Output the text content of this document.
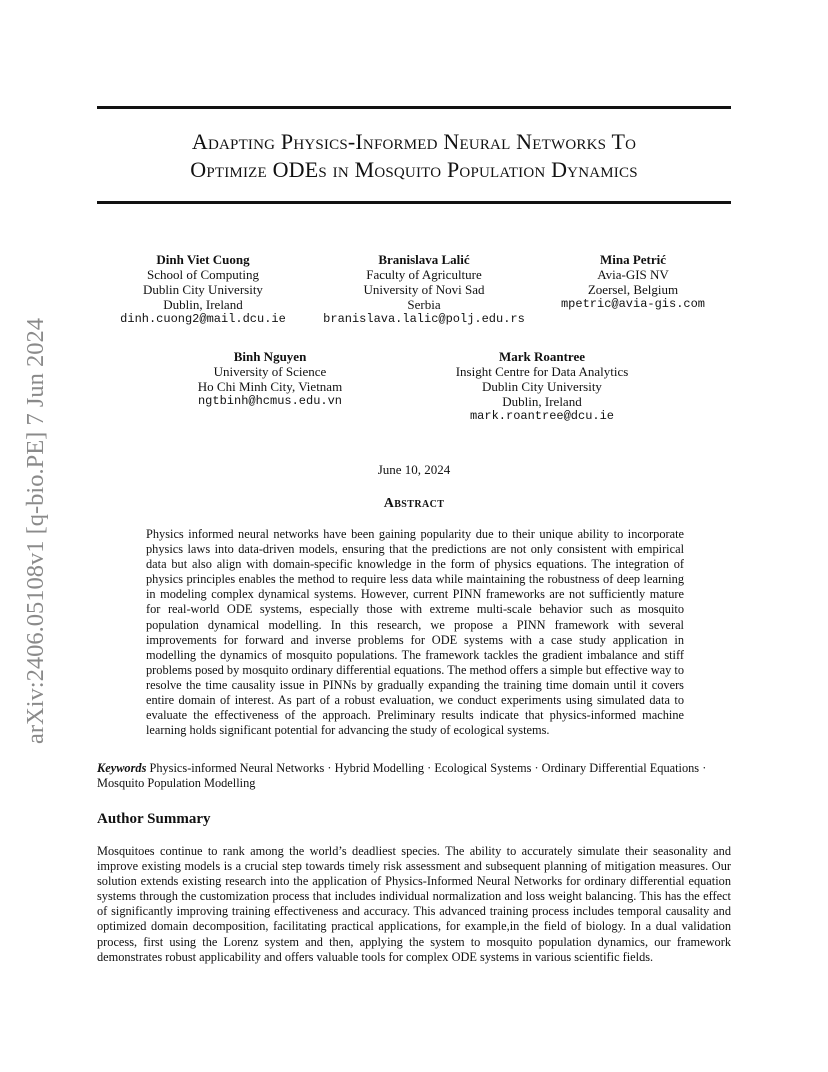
arXiv:2406.05108v1 [q-bio.PE] 7 Jun 2024
Adapting Physics-Informed Neural Networks To
Optimize ODEs in Mosquito Population Dynamics
Dinh Viet Cuong
School of Computing
Dublin City University
Dublin, Ireland
dinh.cuong2@mail.dcu.ie
Branislava Lalić
Faculty of Agriculture
University of Novi Sad
Serbia
branislava.lalic@polj.edu.rs
Mina Petrić
Avia-GIS NV
Zoersel, Belgium
mpetric@avia-gis.com
Binh Nguyen
University of Science
Ho Chi Minh City, Vietnam
ngtbinh@hcmus.edu.vn
Mark Roantree
Insight Centre for Data Analytics
Dublin City University
Dublin, Ireland
mark.roantree@dcu.ie
June 10, 2024
Abstract
Physics informed neural networks have been gaining popularity due to their unique ability to incorporate physics laws into data-driven models, ensuring that the predictions are not only consistent with empirical data but also align with domain-specific knowledge in the form of physics equations. The integration of physics principles enables the method to require less data while maintaining the robustness of deep learning in modeling complex dynamical systems. However, current PINN frameworks are not sufficiently mature for real-world ODE systems, especially those with extreme multi-scale behavior such as mosquito population dynamical modelling. In this research, we propose a PINN framework with several improvements for forward and inverse problems for ODE systems with a case study application in modelling the dynamics of mosquito populations. The framework tackles the gradient imbalance and stiff problems posed by mosquito ordinary differential equations. The method offers a simple but effective way to resolve the time causality issue in PINNs by gradually expanding the training time domain until it covers entire domain of interest. As part of a robust evaluation, we conduct experiments using simulated data to evaluate the effectiveness of the approach. Preliminary results indicate that physics-informed machine learning holds significant potential for advancing the study of ecological systems.
Keywords Physics-informed Neural Networks · Hybrid Modelling · Ecological Systems · Ordinary Differential Equations · Mosquito Population Modelling
Author Summary
Mosquitoes continue to rank among the world’s deadliest species. The ability to accurately simulate their seasonality and improve existing models is a crucial step towards timely risk assessment and subsequent planning of mitigation measures. Our solution extends existing research into the application of Physics-Informed Neural Networks for ordinary differential equation systems through the customization process that includes individual normalization and loss weight balancing. This has the effect of significantly improving training effectiveness and accuracy. This advanced training process includes temporal causality and optimized domain decomposition, facilitating practical applications, for example,in the field of biology. In a dual validation process, first using the Lorenz system and then, applying the system to mosquito population dynamics, our framework demonstrates robust applicability and offers valuable tools for complex ODE systems in various scientific fields.
